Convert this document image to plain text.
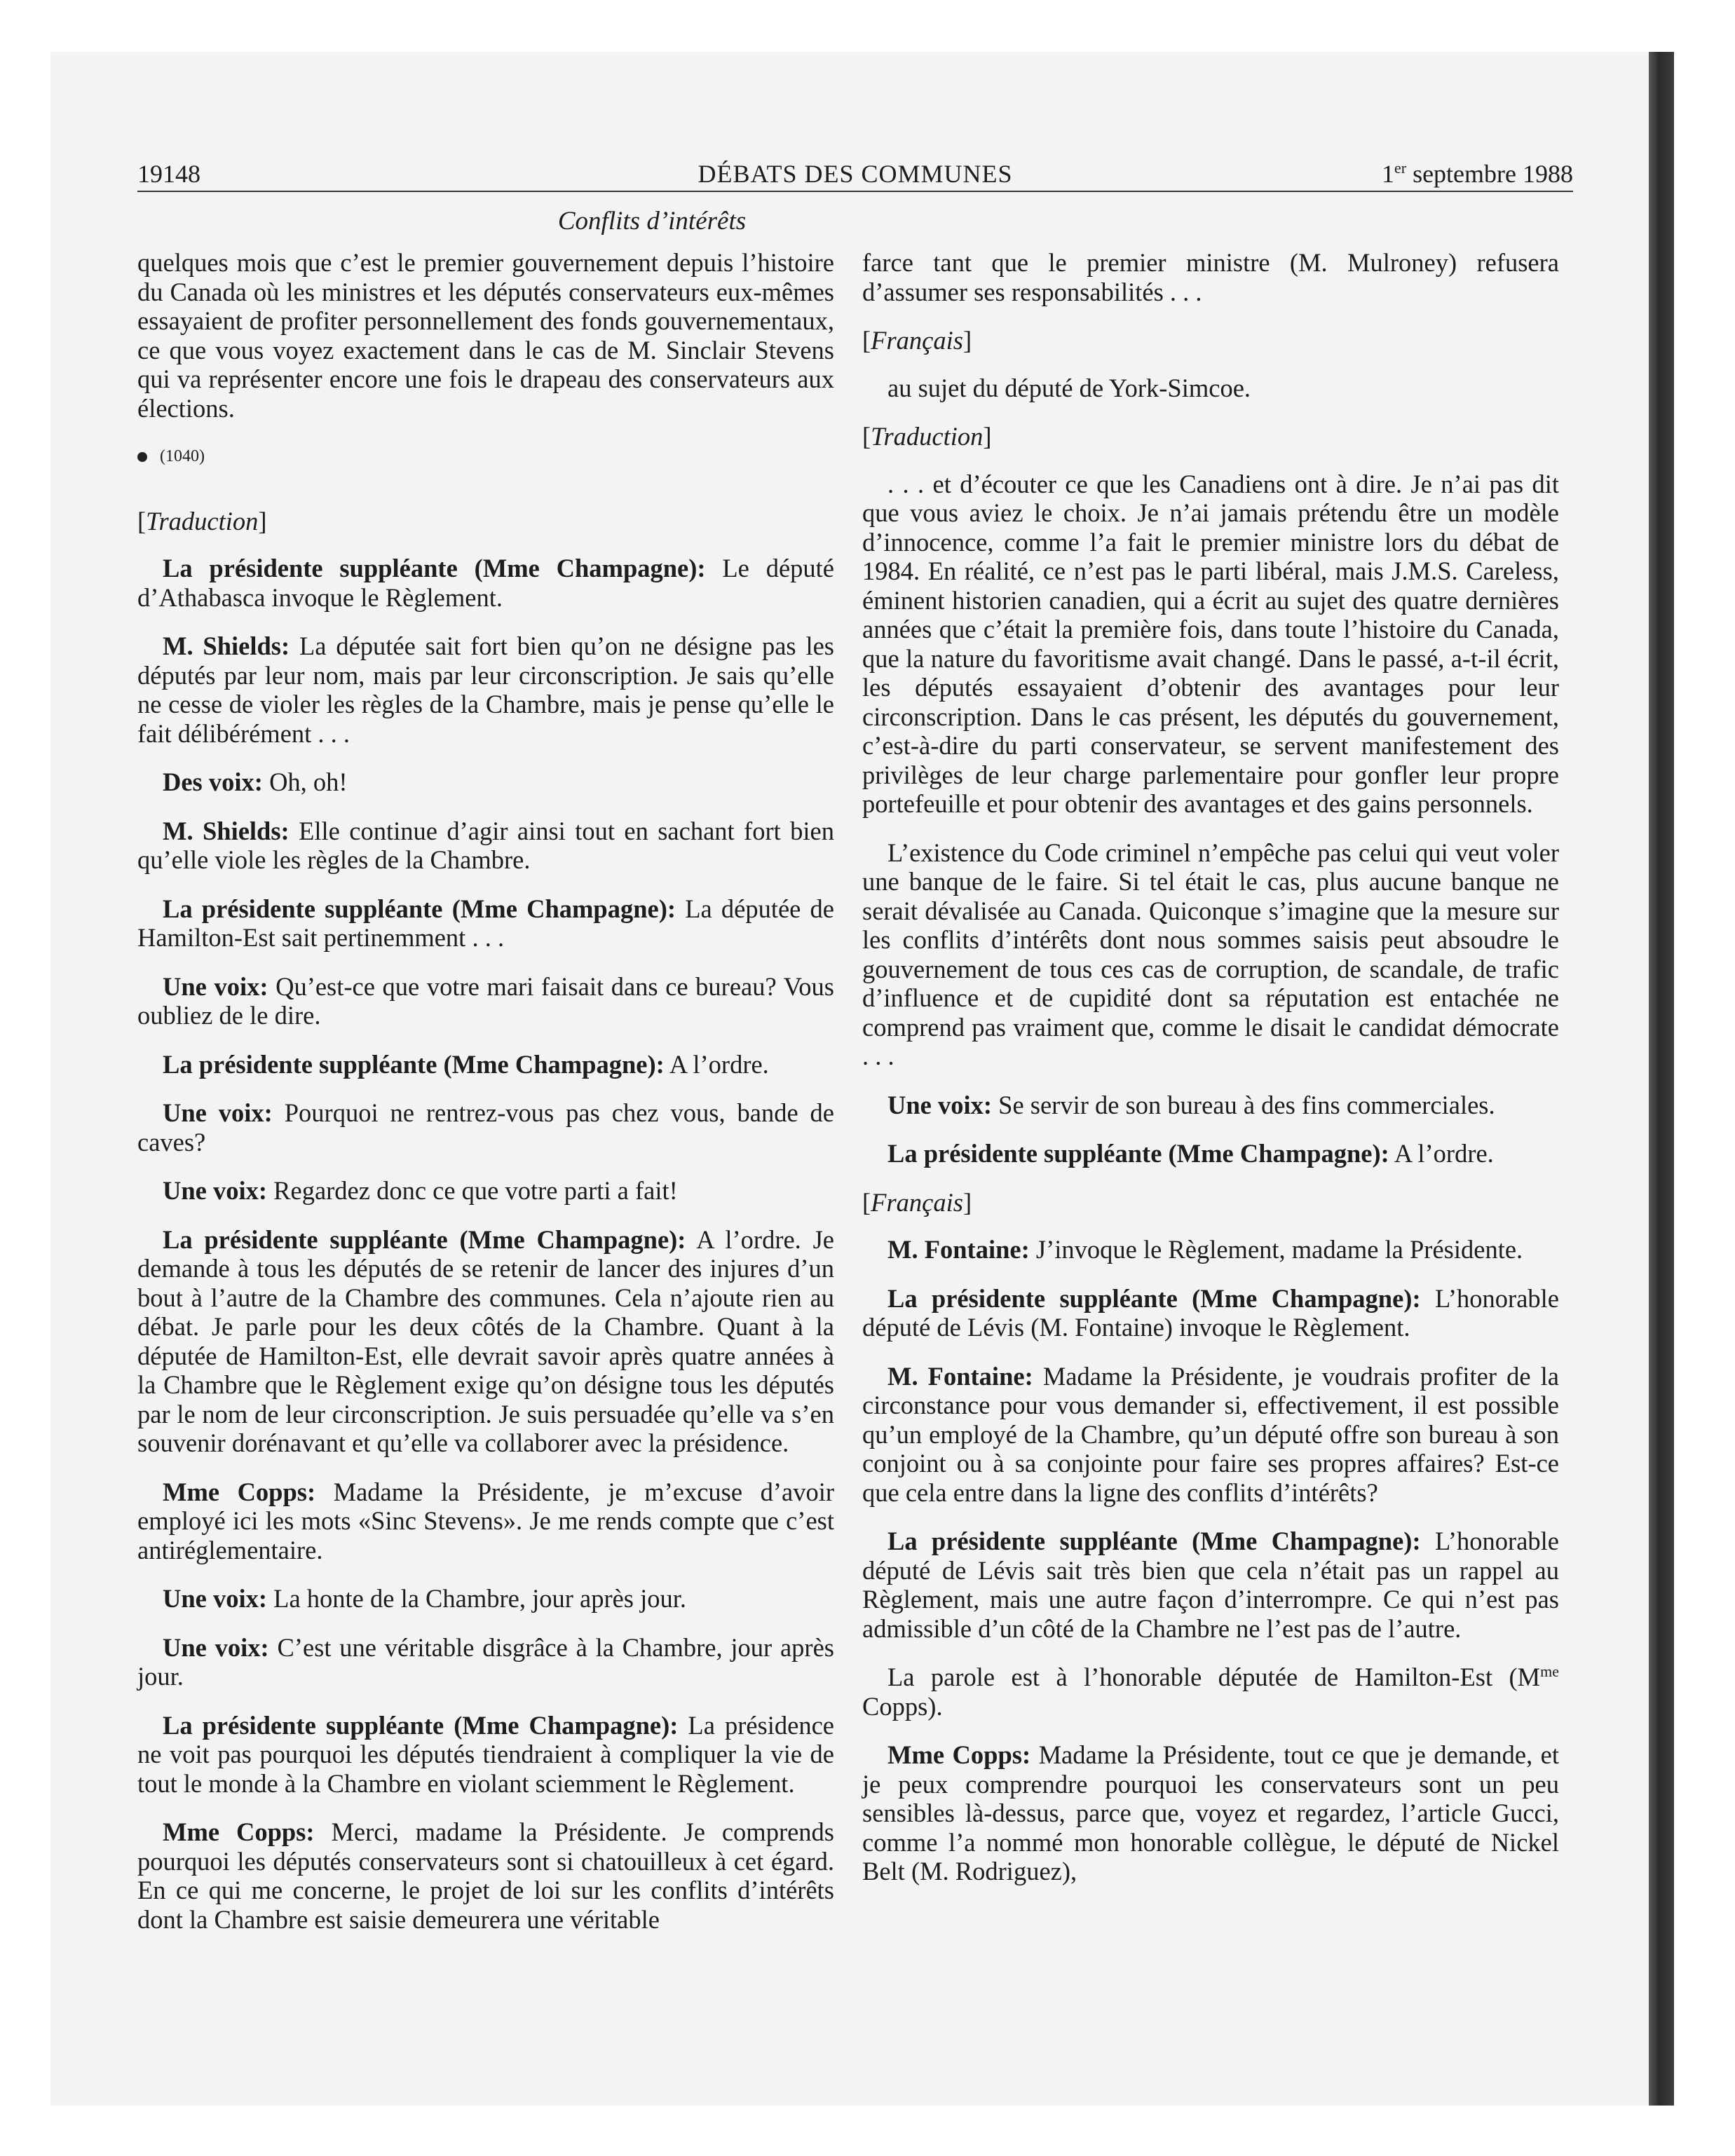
19148	DÉBATS DES COMMUNES	1er septembre 1988
Conflits d’intérêts

quelques mois que c’est le premier gouvernement depuis l’histoire du Canada où les ministres et les députés conservateurs eux-mêmes essayaient de profiter personnellement des fonds gouvernementaux, ce que vous voyez exactement dans le cas de M. Sinclair Stevens qui va représenter encore une fois le drapeau des conservateurs aux élections.

(1040)

[Traduction]

La présidente suppléante (Mme Champagne): Le député d’Athabasca invoque le Règlement.

M. Shields: La députée sait fort bien qu’on ne désigne pas les députés par leur nom, mais par leur circonscription. Je sais qu’elle ne cesse de violer les règles de la Chambre, mais je pense qu’elle le fait délibérément . . .

Des voix: Oh, oh!

M. Shields: Elle continue d’agir ainsi tout en sachant fort bien qu’elle viole les règles de la Chambre.

La présidente suppléante (Mme Champagne): La députée de Hamilton-Est sait pertinemment . . .

Une voix: Qu’est-ce que votre mari faisait dans ce bureau? Vous oubliez de le dire.

La présidente suppléante (Mme Champagne): A l’ordre.

Une voix: Pourquoi ne rentrez-vous pas chez vous, bande de caves?

Une voix: Regardez donc ce que votre parti a fait!

La présidente suppléante (Mme Champagne): A l’ordre. Je demande à tous les députés de se retenir de lancer des injures d’un bout à l’autre de la Chambre des communes. Cela n’ajoute rien au débat. Je parle pour les deux côtés de la Chambre. Quant à la députée de Hamilton-Est, elle devrait savoir après quatre années à la Chambre que le Règlement exige qu’on désigne tous les députés par le nom de leur circonscription. Je suis persuadée qu’elle va s’en souvenir dorénavant et qu’elle va collaborer avec la présidence.

Mme Copps: Madame la Présidente, je m’excuse d’avoir employé ici les mots «Sinc Stevens». Je me rends compte que c’est antiréglementaire.

Une voix: La honte de la Chambre, jour après jour.

Une voix: C’est une véritable disgrâce à la Chambre, jour après jour.

La présidente suppléante (Mme Champagne): La présidence ne voit pas pourquoi les députés tiendraient à compliquer la vie de tout le monde à la Chambre en violant sciemment le Règlement.

Mme Copps: Merci, madame la Présidente. Je comprends pourquoi les députés conservateurs sont si chatouilleux à cet égard. En ce qui me concerne, le projet de loi sur les conflits d’intérêts dont la Chambre est saisie demeurera une véritable

farce tant que le premier ministre (M. Mulroney) refusera d’assumer ses responsabilités . . .

[Français]

au sujet du député de York-Simcoe.

[Traduction]

. . . et d’écouter ce que les Canadiens ont à dire. Je n’ai pas dit que vous aviez le choix. Je n’ai jamais prétendu être un modèle d’innocence, comme l’a fait le premier ministre lors du débat de 1984. En réalité, ce n’est pas le parti libéral, mais J.M.S. Careless, éminent historien canadien, qui a écrit au sujet des quatre dernières années que c’était la première fois, dans toute l’histoire du Canada, que la nature du favoritisme avait changé. Dans le passé, a-t-il écrit, les députés essayaient d’obtenir des avantages pour leur circonscription. Dans le cas présent, les députés du gouvernement, c’est-à-dire du parti conservateur, se servent manifestement des privilèges de leur charge parlementaire pour gonfler leur propre portefeuille et pour obtenir des avantages et des gains personnels.

L’existence du Code criminel n’empêche pas celui qui veut voler une banque de le faire. Si tel était le cas, plus aucune banque ne serait dévalisée au Canada. Quiconque s’imagine que la mesure sur les conflits d’intérêts dont nous sommes saisis peut absoudre le gouvernement de tous ces cas de corruption, de scandale, de trafic d’influence et de cupidité dont sa réputation est entachée ne comprend pas vraiment que, comme le disait le candidat démocrate . . .

Une voix: Se servir de son bureau à des fins commerciales.

La présidente suppléante (Mme Champagne): A l’ordre.

[Français]

M. Fontaine: J’invoque le Règlement, madame la Présidente.

La présidente suppléante (Mme Champagne): L’honorable député de Lévis (M. Fontaine) invoque le Règlement.

M. Fontaine: Madame la Présidente, je voudrais profiter de la circonstance pour vous demander si, effectivement, il est possible qu’un employé de la Chambre, qu’un député offre son bureau à son conjoint ou à sa conjointe pour faire ses propres affaires? Est-ce que cela entre dans la ligne des conflits d’intérêts?

La présidente suppléante (Mme Champagne): L’honorable député de Lévis sait très bien que cela n’était pas un rappel au Règlement, mais une autre façon d’interrompre. Ce qui n’est pas admissible d’un côté de la Chambre ne l’est pas de l’autre.

La parole est à l’honorable députée de Hamilton-Est ($M^{me}$ Copps).

Mme Copps: Madame la Présidente, tout ce que je demande, et je peux comprendre pourquoi les conservateurs sont un peu sensibles là-dessus, parce que, voyez et regardez, l’article Gucci, comme l’a nommé mon honorable collègue, le député de Nickel Belt (M. Rodriguez),
